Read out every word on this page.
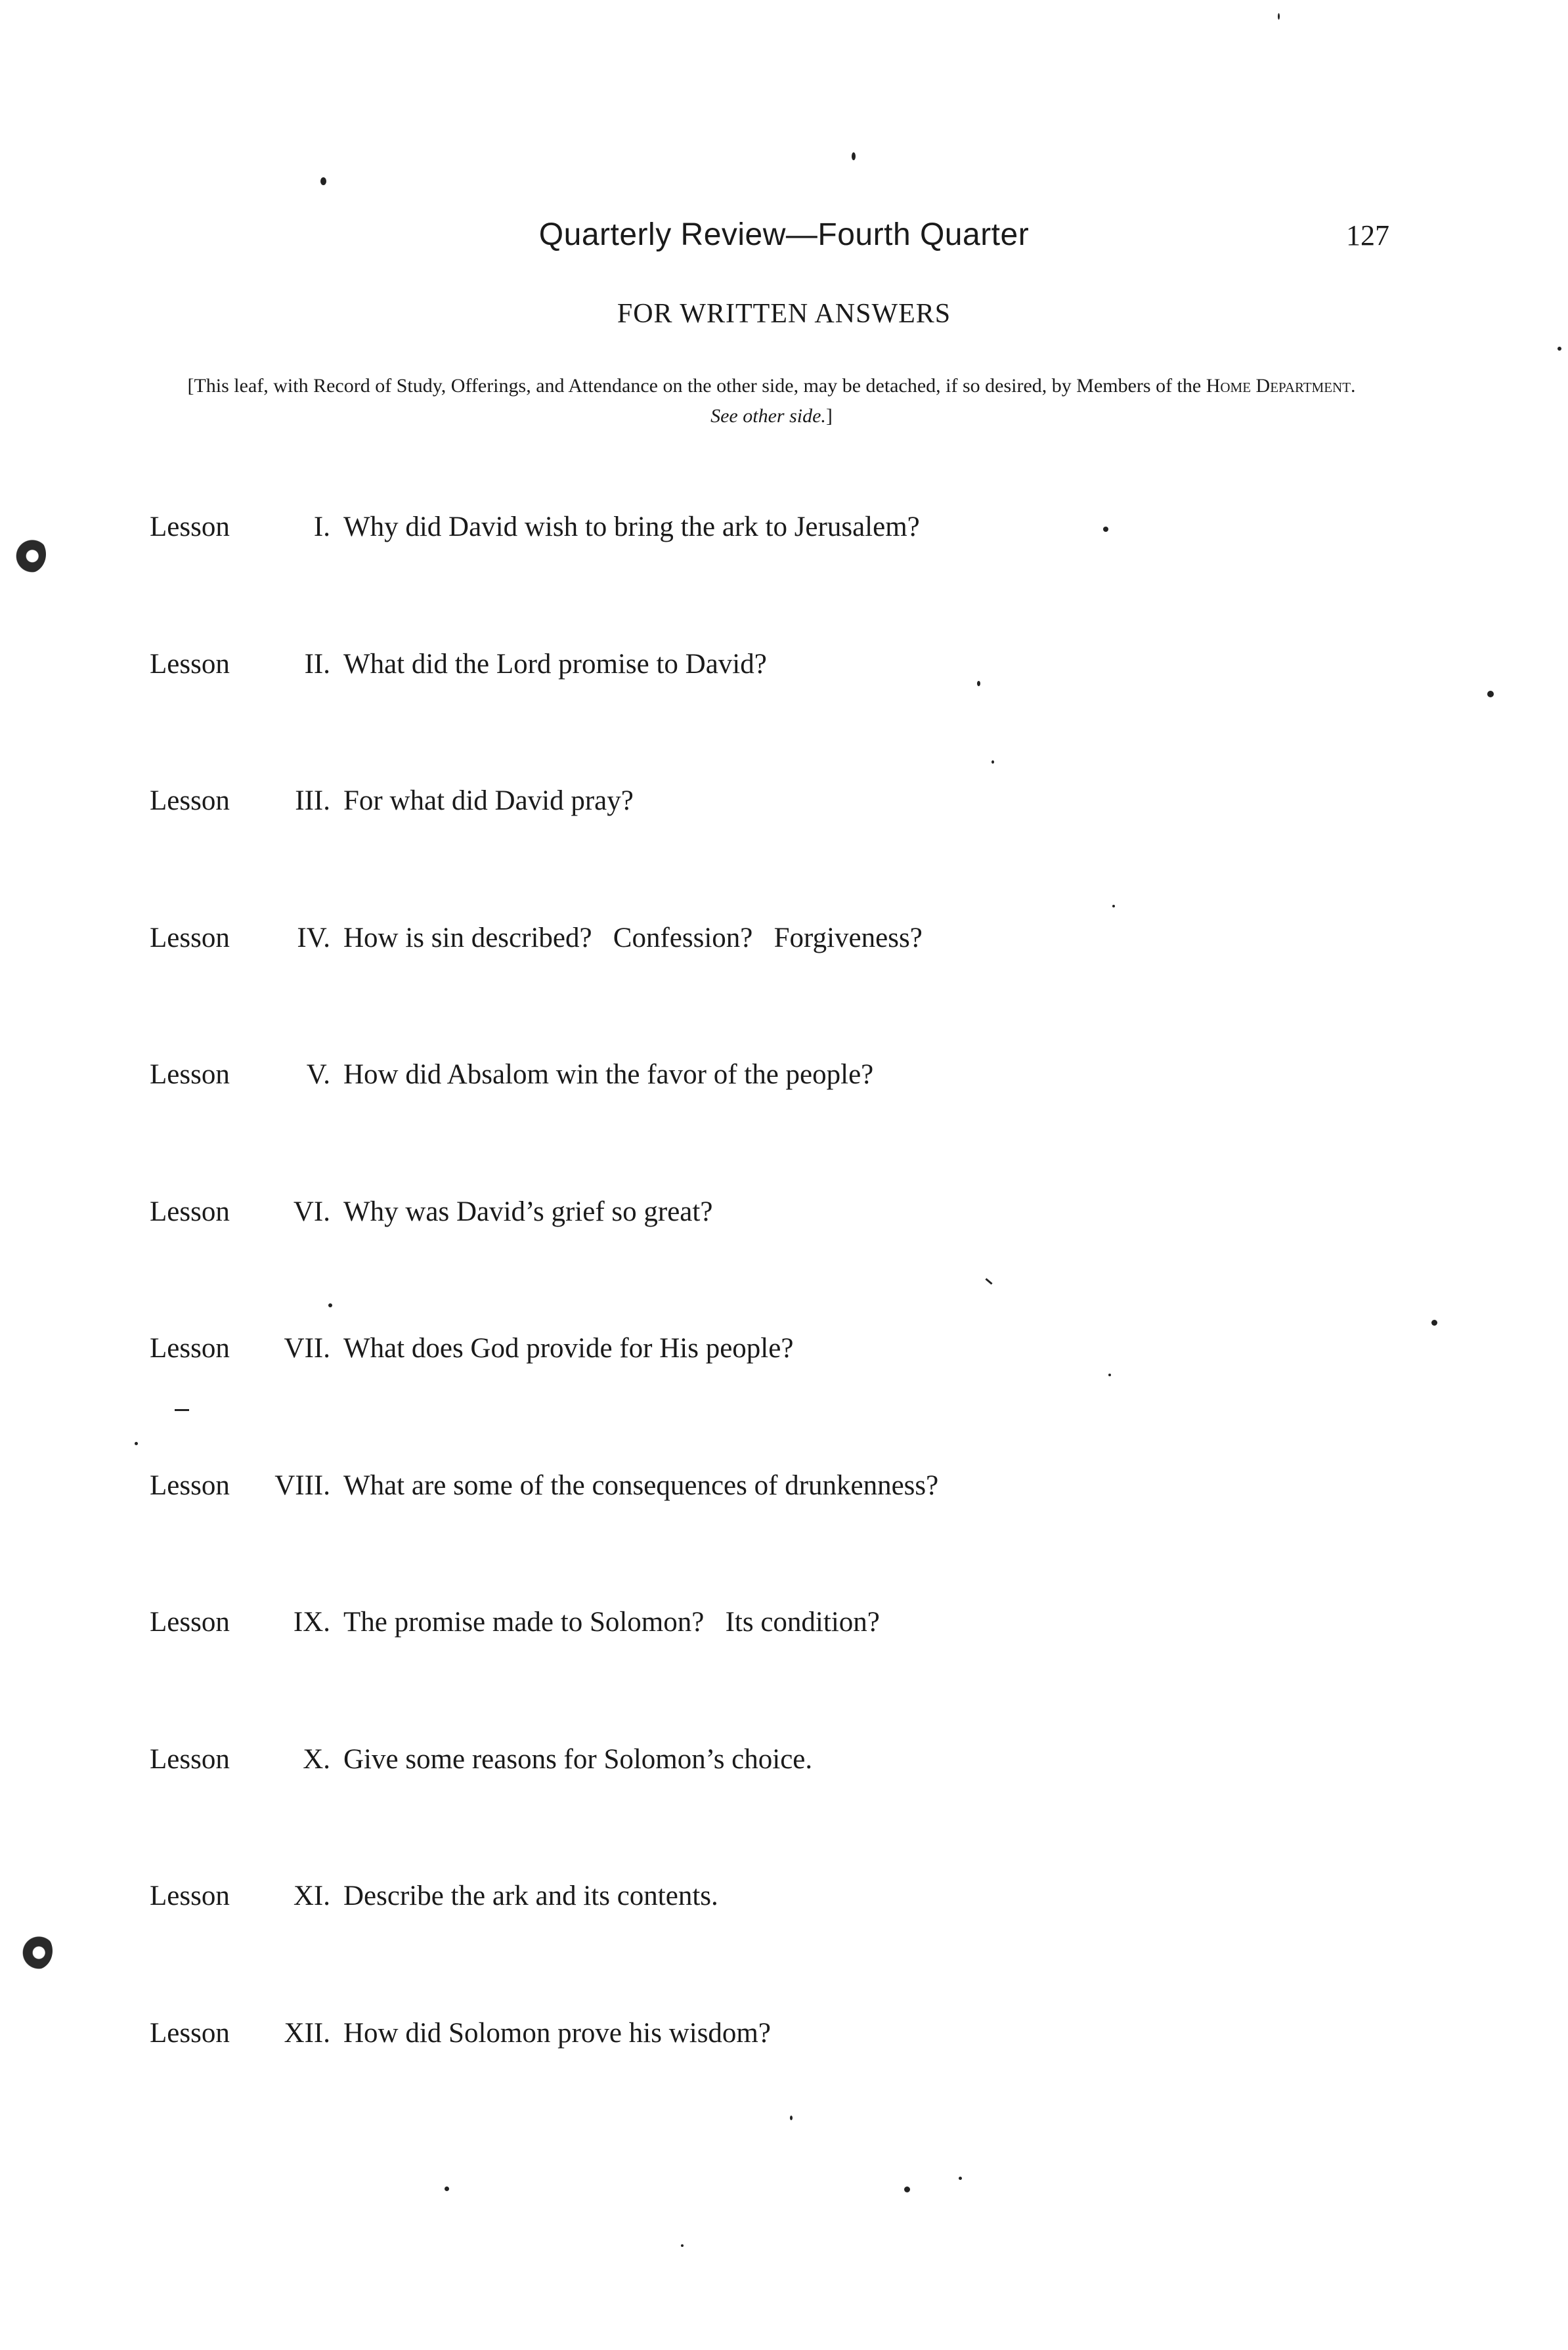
Quarterly Review—Fourth Quarter	127
FOR WRITTEN ANSWERS
[This leaf, with Record of Study, Offerings, and Attendance on the other side, may be detached, if so desired, by Members of the Home Department. See other side.]
Lesson	I. Why did David wish to bring the ark to Jerusalem?
Lesson	II. What did the Lord promise to David?
Lesson	III. For what did David pray?
Lesson	IV. How is sin described?   Confession?   Forgiveness?
Lesson	V. How did Absalom win the favor of the people?
Lesson	VI. Why was David’s grief so great?
Lesson	VII. What does God provide for His people?
Lesson	VIII. What are some of the consequences of drunkenness?
Lesson	IX. The promise made to Solomon?   Its condition?
Lesson	X. Give some reasons for Solomon’s choice.
Lesson	XI. Describe the ark and its contents.
Lesson	XII. How did Solomon prove his wisdom?
